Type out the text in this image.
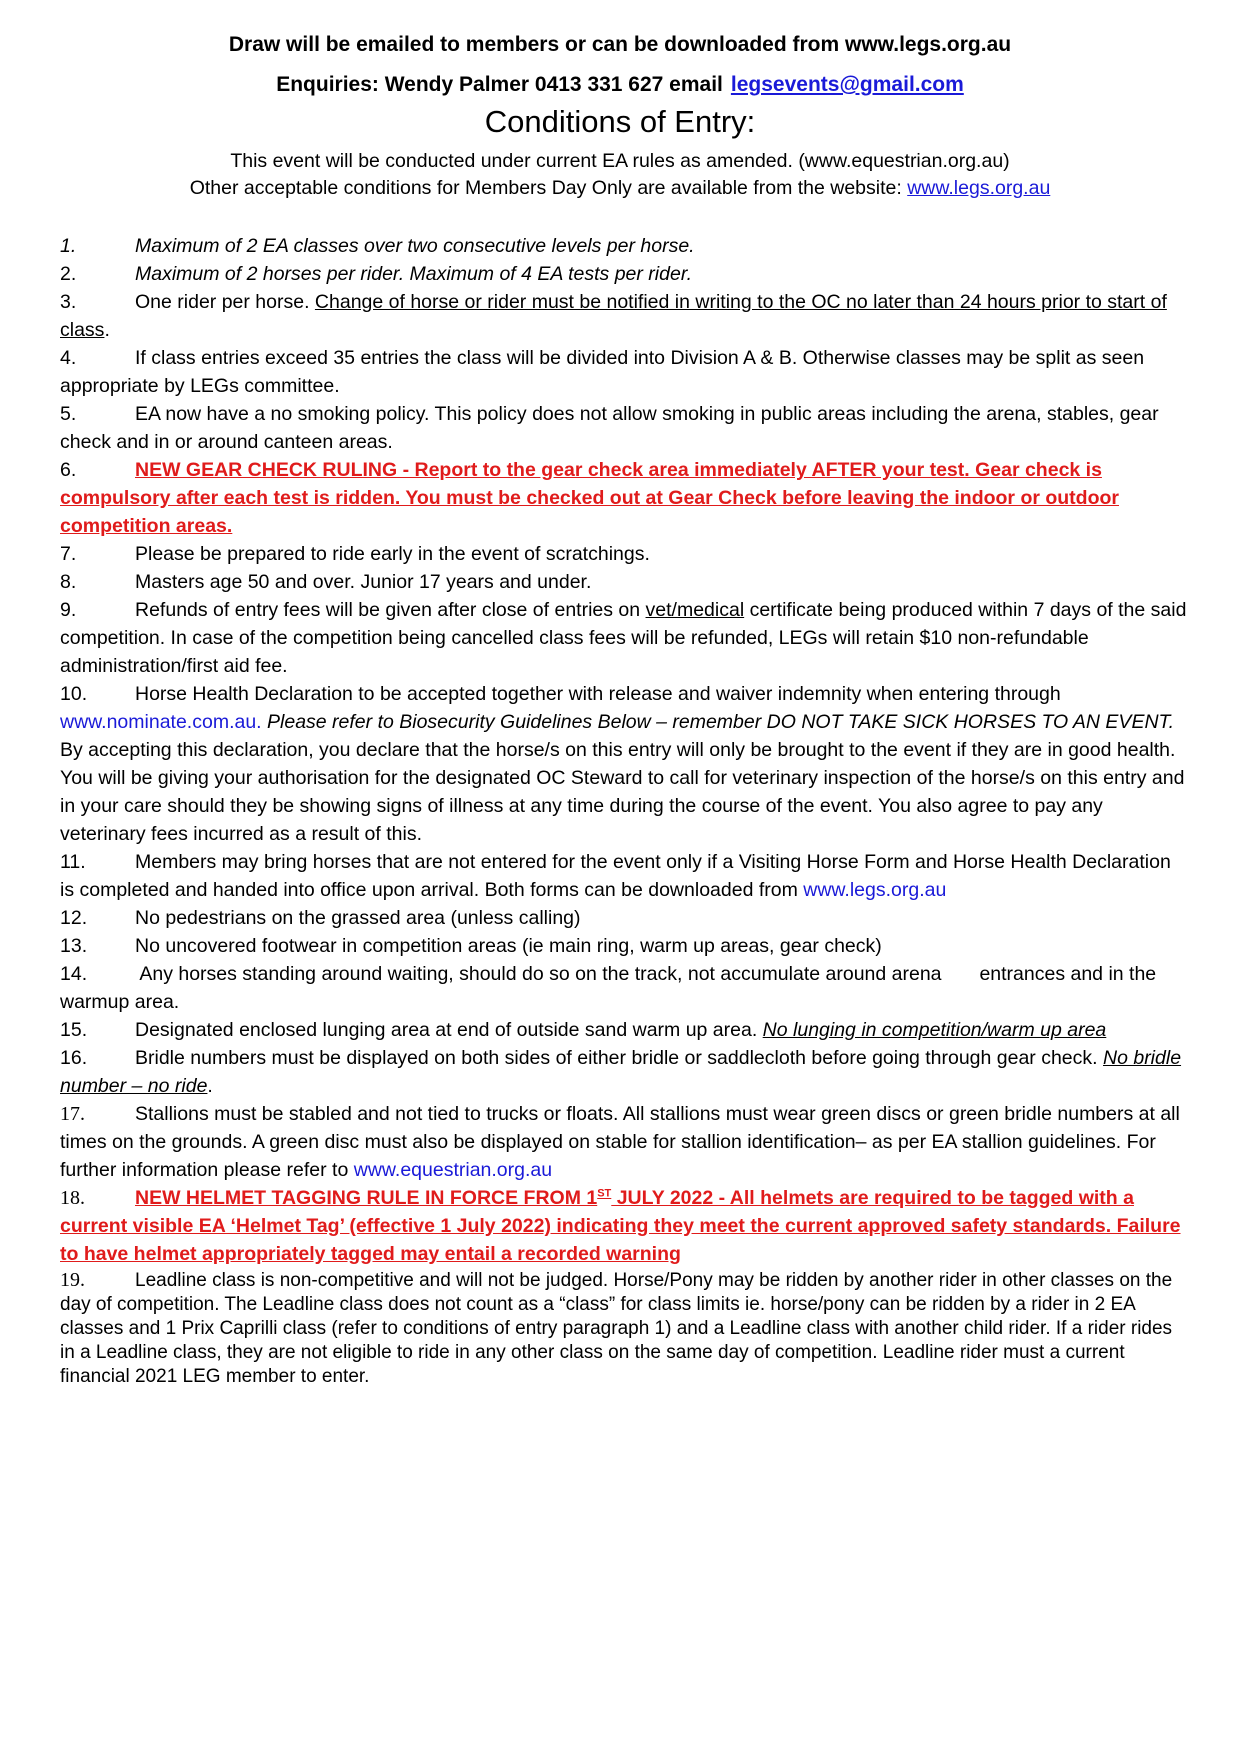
Draw will be emailed to members or can be downloaded from www.legs.org.au
Enquiries: Wendy Palmer 0413 331 627 email legsevents@gmail.com
Conditions of Entry:
This event will be conducted under current EA rules as amended. (www.equestrian.org.au)
Other acceptable conditions for Members Day Only are available from the website: www.legs.org.au

1.	Maximum of 2 EA classes over two consecutive levels per horse.

2.	Maximum of 2 horses per rider. Maximum of 4 EA tests per rider.

3.	One rider per horse. Change of horse or rider must be notified in writing to the OC no later than 24 hours prior to start of class.

4.	If class entries exceed 35 entries the class will be divided into Division A & B. Otherwise classes may be split as seen appropriate by LEGs committee.

5.	EA now have a no smoking policy. This policy does not allow smoking in public areas including the arena, stables, gear check and in or around canteen areas.

6.	NEW GEAR CHECK RULING - Report to the gear check area immediately AFTER your test. Gear check is compulsory after each test is ridden. You must be checked out at Gear Check before leaving the indoor or outdoor competition areas.

7.	Please be prepared to ride early in the event of scratchings.

8.	Masters age 50 and over. Junior 17 years and under.

9.	Refunds of entry fees will be given after close of entries on vet/medical certificate being produced within 7 days of the said competition. In case of the competition being cancelled class fees will be refunded, LEGs will retain $10 non-refundable administration/first aid fee.

10. Horse Health Declaration to be accepted together with release and waiver indemnity when entering through www.nominate.com.au. Please refer to Biosecurity Guidelines Below – remember DO NOT TAKE SICK HORSES TO AN EVENT. By accepting this declaration, you declare that the horse/s on this entry will only be brought to the event if they are in good health. You will be giving your authorisation for the designated OC Steward to call for veterinary inspection of the horse/s on this entry and in your care should they be showing signs of illness at any time during the course of the event. You also agree to pay any veterinary fees incurred as a result of this.

11.	Members may bring horses that are not entered for the event only if a Visiting Horse Form and Horse Health Declaration is completed and handed into office upon arrival. Both forms can be downloaded from www.legs.org.au

12. No pedestrians on the grassed area (unless calling)

13. No uncovered footwear in competition areas (ie main ring, warm up areas, gear check)

14. Any horses standing around waiting, should do so on the track, not accumulate around arena       entrances and in the warmup area.

15. Designated enclosed lunging area at end of outside sand warm up area. No lunging in competition/warm up area

16. Bridle numbers must be displayed on both sides of either bridle or saddlecloth before going through gear check. No bridle number – no ride.

17.	Stallions must be stabled and not tied to trucks or floats. All stallions must wear green discs or green bridle numbers at all times on the grounds. A green disc must also be displayed on stable for stallion identification– as per EA stallion guidelines. For further information please refer to www.equestrian.org.au

18.	NEW HELMET TAGGING RULE IN FORCE FROM 1ST JULY 2022 - All helmets are required to be tagged with a current visible EA ‘Helmet Tag’ (effective 1 July 2022) indicating they meet the current approved safety standards. Failure to have helmet appropriately tagged may entail a recorded warning

19.	Leadline class is non-competitive and will not be judged. Horse/Pony may be ridden by another rider in other classes on the day of competition. The Leadline class does not count as a “class” for class limits ie. horse/pony can be ridden by a rider in 2 EA classes and 1 Prix Caprilli class (refer to conditions of entry paragraph 1) and a Leadline class with another child rider. If a rider rides in a Leadline class, they are not eligible to ride in any other class on the same day of competition. Leadline rider must a current financial 2021 LEG member to enter.
